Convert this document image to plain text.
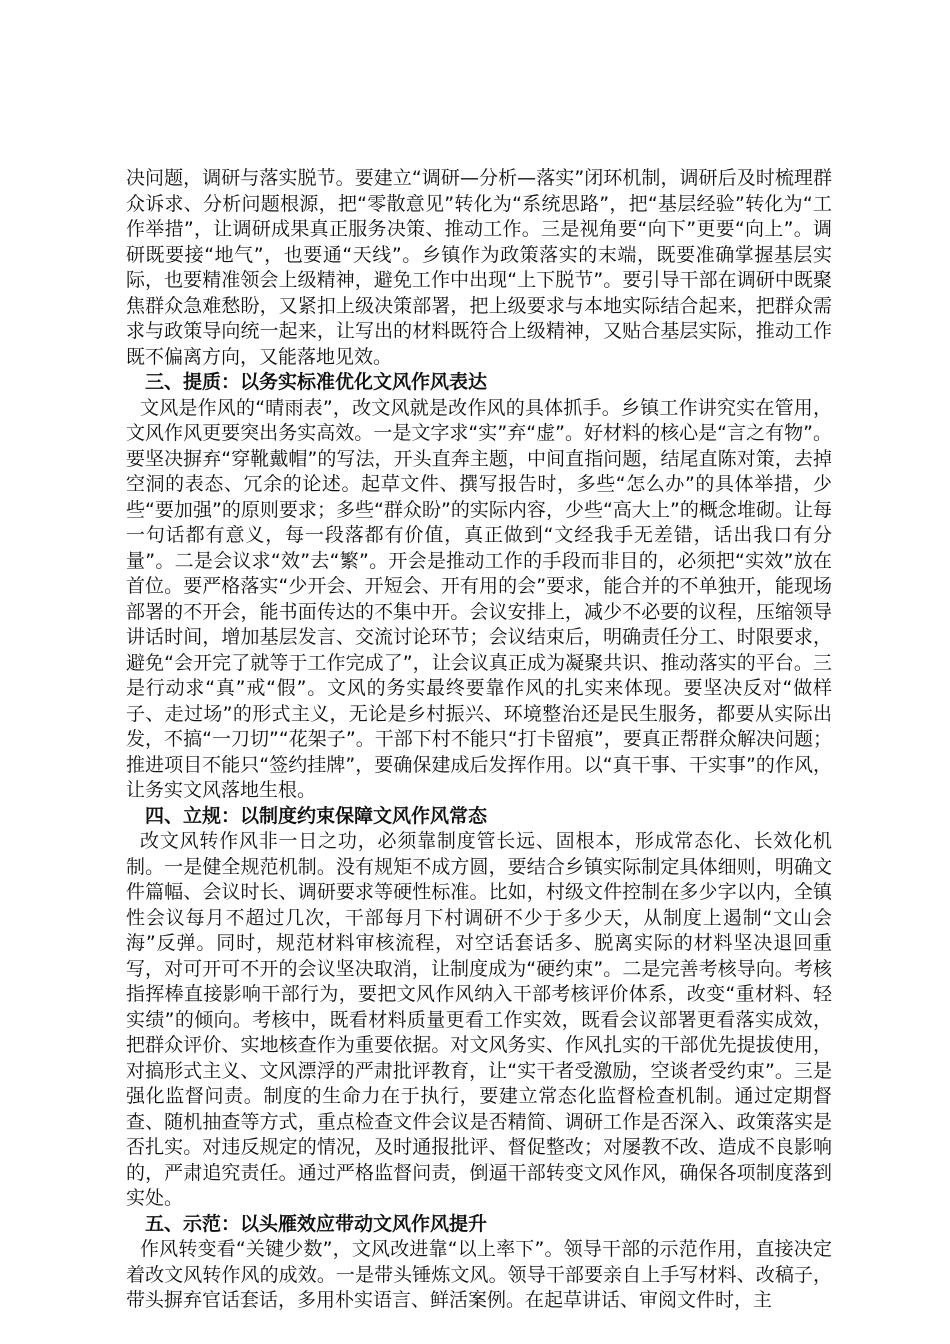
决问题，调研与落实脱节。要建立“调研—分析—落实”闭环机制，调研后及时梳理群众诉求、分析问题根源，把“零散意见”转化为“系统思路”，把“基层经验”转化为“工作举措”，让调研成果真正服务决策、推动工作。三是视角要“向下”更要“向上”。调研既要接“地气”，也要通“天线”。乡镇作为政策落实的末端，既要准确掌握基层实际，也要精准领会上级精神，避免工作中出现“上下脱节”。要引导干部在调研中既聚焦群众急难愁盼，又紧扣上级决策部署，把上级要求与本地实际结合起来，把群众需求与政策导向统一起来，让写出的材料既符合上级精神，又贴合基层实际，推动工作既不偏离方向，又能落地见效。

三、提质：以务实标准优化文风作风表达

文风是作风的“晴雨表”，改文风就是改作风的具体抓手。乡镇工作讲究实在管用，文风作风更要突出务实高效。一是文字求“实”弃“虚”。好材料的核心是“言之有物”。要坚决摒弃“穿靴戴帽”的写法，开头直奔主题，中间直指问题，结尾直陈对策，去掉空洞的表态、冗余的论述。起草文件、撰写报告时，多些“怎么办”的具体举措，少些“要加强”的原则要求；多些“群众盼”的实际内容，少些“高大上”的概念堆砌。让每一句话都有意义，每一段落都有价值，真正做到“文经我手无差错，话出我口有分量”。二是会议求“效”去“繁”。开会是推动工作的手段而非目的，必须把“实效”放在首位。要严格落实“少开会、开短会、开有用的会”要求，能合并的不单独开，能现场部署的不开会，能书面传达的不集中开。会议安排上，减少不必要的议程，压缩领导讲话时间，增加基层发言、交流讨论环节；会议结束后，明确责任分工、时限要求，避免“会开完了就等于工作完成了”，让会议真正成为凝聚共识、推动落实的平台。三是行动求“真”戒“假”。文风的务实最终要靠作风的扎实来体现。要坚决反对“做样子、走过场”的形式主义，无论是乡村振兴、环境整治还是民生服务，都要从实际出发，不搞“一刀切”“花架子”。干部下村不能只“打卡留痕”，要真正帮群众解决问题；推进项目不能只“签约挂牌”，要确保建成后发挥作用。以“真干事、干实事”的作风，让务实文风落地生根。

四、立规：以制度约束保障文风作风常态

改文风转作风非一日之功，必须靠制度管长远、固根本，形成常态化、长效化机制。一是健全规范机制。没有规矩不成方圆，要结合乡镇实际制定具体细则，明确文件篇幅、会议时长、调研要求等硬性标准。比如，村级文件控制在多少字以内，全镇性会议每月不超过几次，干部每月下村调研不少于多少天，从制度上遏制“文山会海”反弹。同时，规范材料审核流程，对空话套话多、脱离实际的材料坚决退回重写，对可开可不开的会议坚决取消，让制度成为“硬约束”。二是完善考核导向。考核指挥棒直接影响干部行为，要把文风作风纳入干部考核评价体系，改变“重材料、轻实绩”的倾向。考核中，既看材料质量更看工作实效，既看会议部署更看落实成效，把群众评价、实地核查作为重要依据。对文风务实、作风扎实的干部优先提拔使用，对搞形式主义、文风漂浮的严肃批评教育，让“实干者受激励，空谈者受约束”。三是强化监督问责。制度的生命力在于执行，要建立常态化监督检查机制。通过定期督查、随机抽查等方式，重点检查文件会议是否精简、调研工作是否深入、政策落实是否扎实。对违反规定的情况，及时通报批评、督促整改；对屡教不改、造成不良影响的，严肃追究责任。通过严格监督问责，倒逼干部转变文风作风，确保各项制度落到实处。

五、示范：以头雁效应带动文风作风提升

作风转变看“关键少数”，文风改进靠“以上率下”。领导干部的示范作用，直接决定着改文风转作风的成效。一是带头锤炼文风。领导干部要亲自上手写材料、改稿子，带头摒弃官话套话，多用朴实语言、鲜活案例。在起草讲话、审阅文件时，主
